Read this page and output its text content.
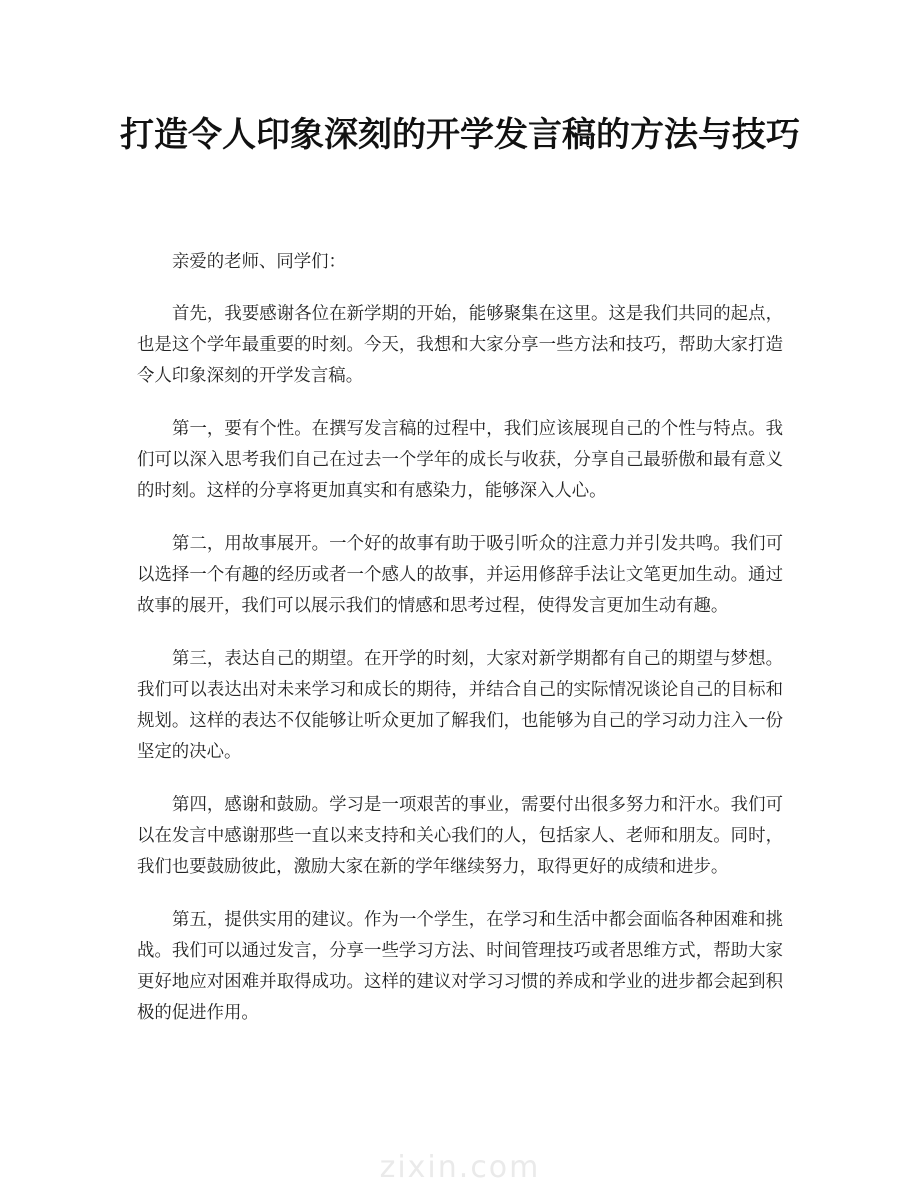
打造令人印象深刻的开学发言稿的方法与技巧

亲爱的老师、同学们：

首先，我要感谢各位在新学期的开始，能够聚集在这里。这是我们共同的起点，也是这个学年最重要的时刻。今天，我想和大家分享一些方法和技巧，帮助大家打造令人印象深刻的开学发言稿。

第一，要有个性。在撰写发言稿的过程中，我们应该展现自己的个性与特点。我们可以深入思考我们自己在过去一个学年的成长与收获，分享自己最骄傲和最有意义的时刻。这样的分享将更加真实和有感染力，能够深入人心。

第二，用故事展开。一个好的故事有助于吸引听众的注意力并引发共鸣。我们可以选择一个有趣的经历或者一个感人的故事，并运用修辞手法让文笔更加生动。通过故事的展开，我们可以展示我们的情感和思考过程，使得发言更加生动有趣。

第三，表达自己的期望。在开学的时刻，大家对新学期都有自己的期望与梦想。我们可以表达出对未来学习和成长的期待，并结合自己的实际情况谈论自己的目标和规划。这样的表达不仅能够让听众更加了解我们，也能够为自己的学习动力注入一份坚定的决心。

第四，感谢和鼓励。学习是一项艰苦的事业，需要付出很多努力和汗水。我们可以在发言中感谢那些一直以来支持和关心我们的人，包括家人、老师和朋友。同时，我们也要鼓励彼此，激励大家在新的学年继续努力，取得更好的成绩和进步。

第五，提供实用的建议。作为一个学生，在学习和生活中都会面临各种困难和挑战。我们可以通过发言，分享一些学习方法、时间管理技巧或者思维方式，帮助大家更好地应对困难并取得成功。这样的建议对学习习惯的养成和学业的进步都会起到积极的促进作用。

zixin.com
